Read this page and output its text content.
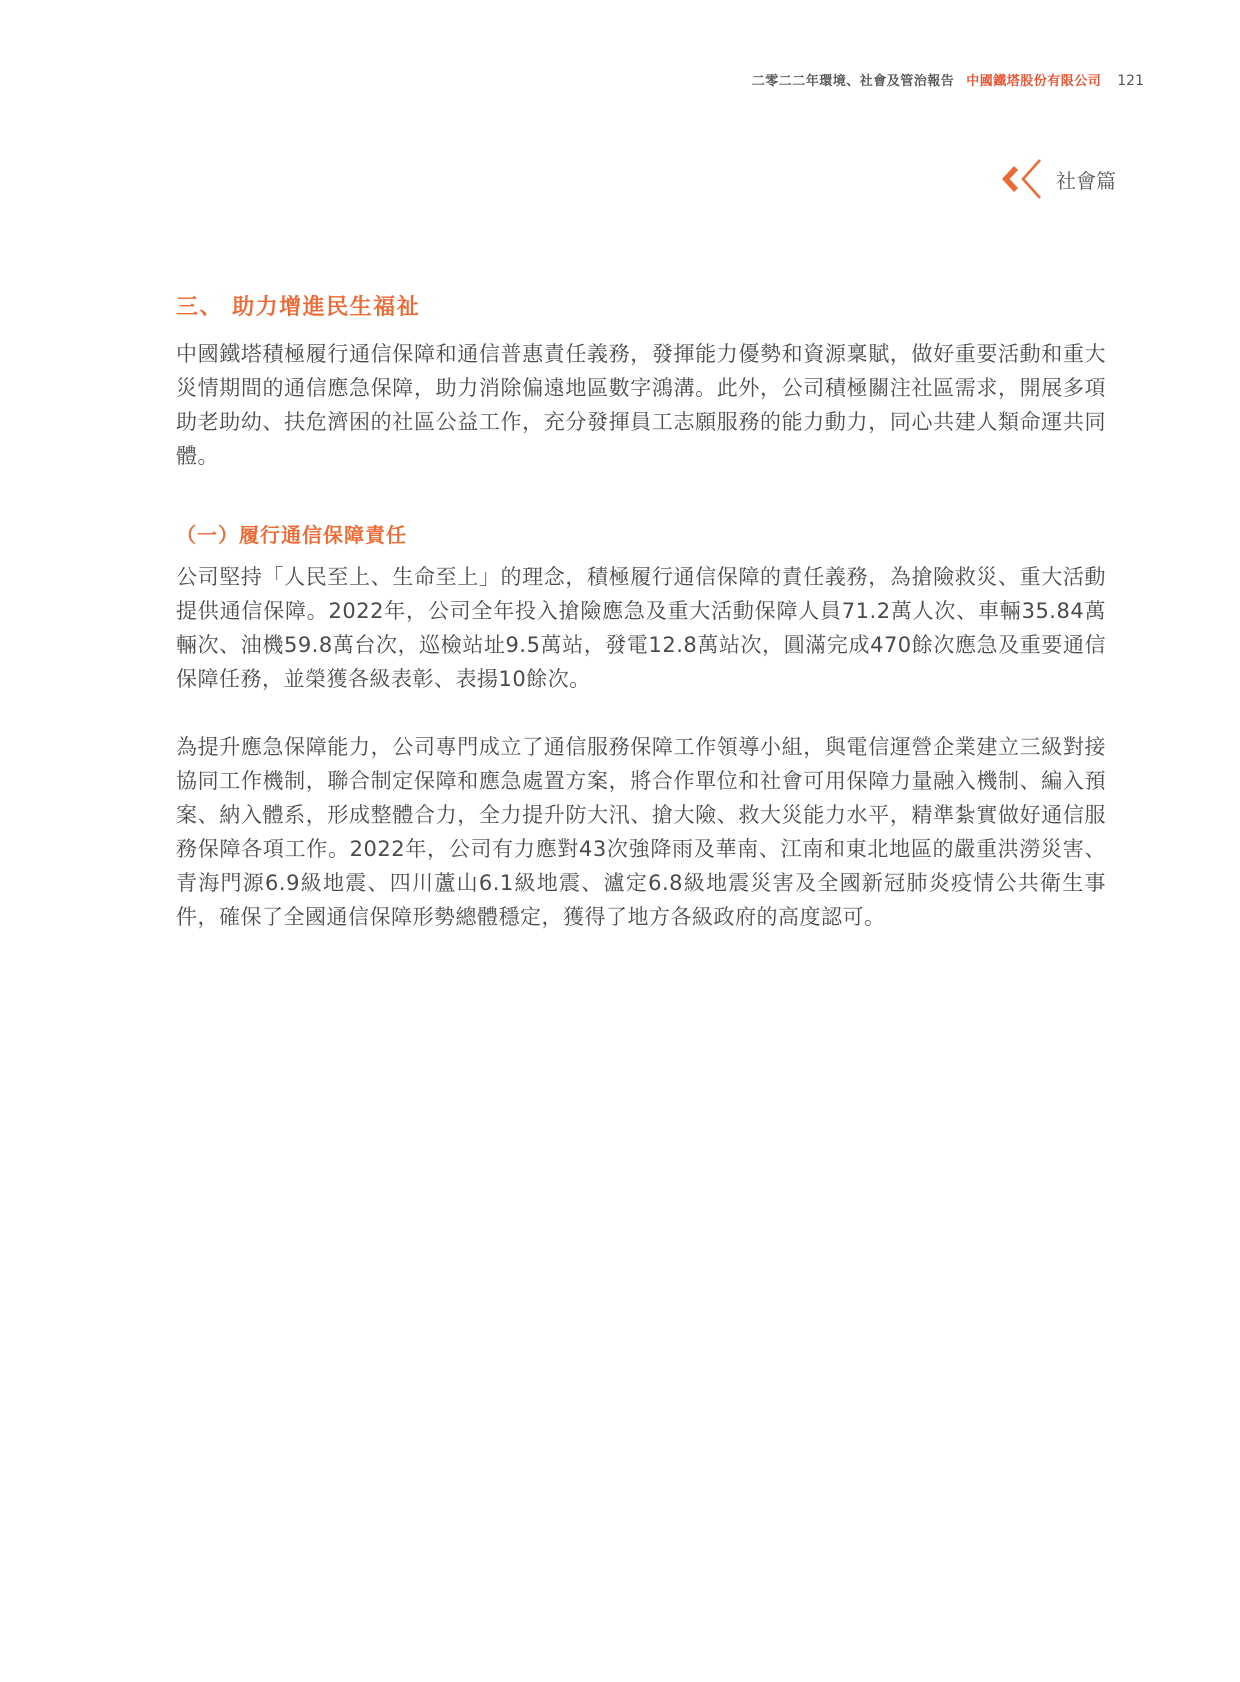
二零二二年環境、社會及管治報告 中國鐵塔股份有限公司 121
社會篇
三、 助力增進民生福祉

中國鐵塔積極履行通信保障和通信普惠責任義務，發揮能力優勢和資源稟賦，做好重要活動和重大災情期間的通信應急保障，助力消除偏遠地區數字鴻溝。此外，公司積極關注社區需求，開展多項助老助幼、扶危濟困的社區公益工作，充分發揮員工志願服務的能力動力，同心共建人類命運共同體。

（一）履行通信保障責任

公司堅持「人民至上、生命至上」的理念，積極履行通信保障的責任義務，為搶險救災、重大活動提供通信保障。2022年，公司全年投入搶險應急及重大活動保障人員71.2萬人次、車輛35.84萬輛次、油機59.8萬台次，巡檢站址9.5萬站，發電12.8萬站次，圓滿完成470餘次應急及重要通信保障任務，並榮獲各級表彰、表揚10餘次。

為提升應急保障能力，公司專門成立了通信服務保障工作領導小組，與電信運營企業建立三級對接協同工作機制，聯合制定保障和應急處置方案，將合作單位和社會可用保障力量融入機制、編入預案、納入體系，形成整體合力，全力提升防大汛、搶大險、救大災能力水平，精準紮實做好通信服務保障各項工作。2022年，公司有力應對43次強降雨及華南、江南和東北地區的嚴重洪澇災害、青海門源6.9級地震、四川蘆山6.1級地震、瀘定6.8級地震災害及全國新冠肺炎疫情公共衛生事件，確保了全國通信保障形勢總體穩定，獲得了地方各級政府的高度認可。
